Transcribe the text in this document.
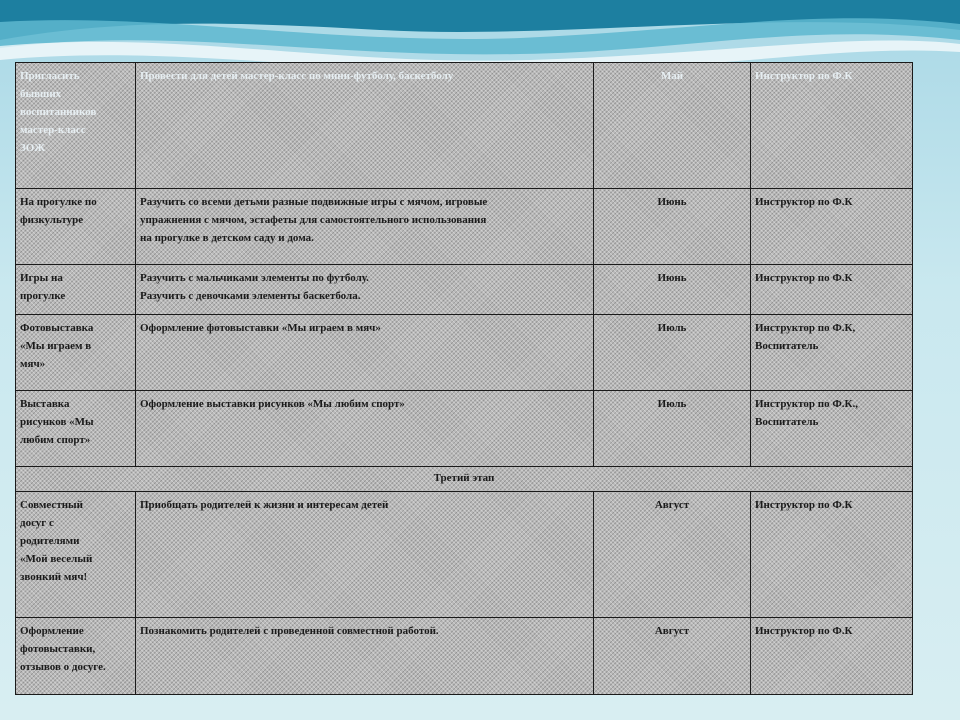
Пригласить
бывших
воспитанников
мастер-класс
ЗОЖ	Провести для детей мастер-класс по мини-футболу, баскетболу	Май	Инструктор по Ф.К

На прогулке по
физкультуре	Разучить со всеми детьми разные подвижные игры с мячом, игровые
упражнения с мячом, эстафеты для самостоятельного использования
на прогулке в детском саду и дома.	Июнь	Инструктор по Ф.К

Игры на
прогулке	Разучить с мальчиками элементы по футболу.
Разучить с девочками элементы баскетбола.	Июнь	Инструктор по Ф.К

Фотовыставка
«Мы играем в
мяч»	Оформление фотовыставки «Мы играем в мяч»	Июль	Инструктор по Ф.К,
Воспитатель

Выставка
рисунков «Мы
любим спорт»	Оформление выставки рисунков «Мы любим спорт»	Июль	Инструктор по Ф.К.,
Воспитатель

Третий этап			

Совместный
досуг с
родителями
«Мой веселый
звонкий мяч!	Приобщать родителей к жизни и интересам детей	Август	Инструктор по Ф.К

Оформление
фотовыставки,
отзывов о досуге.	Познакомить родителей с проведенной совместной работой.	Август	Инструктор по Ф.К
